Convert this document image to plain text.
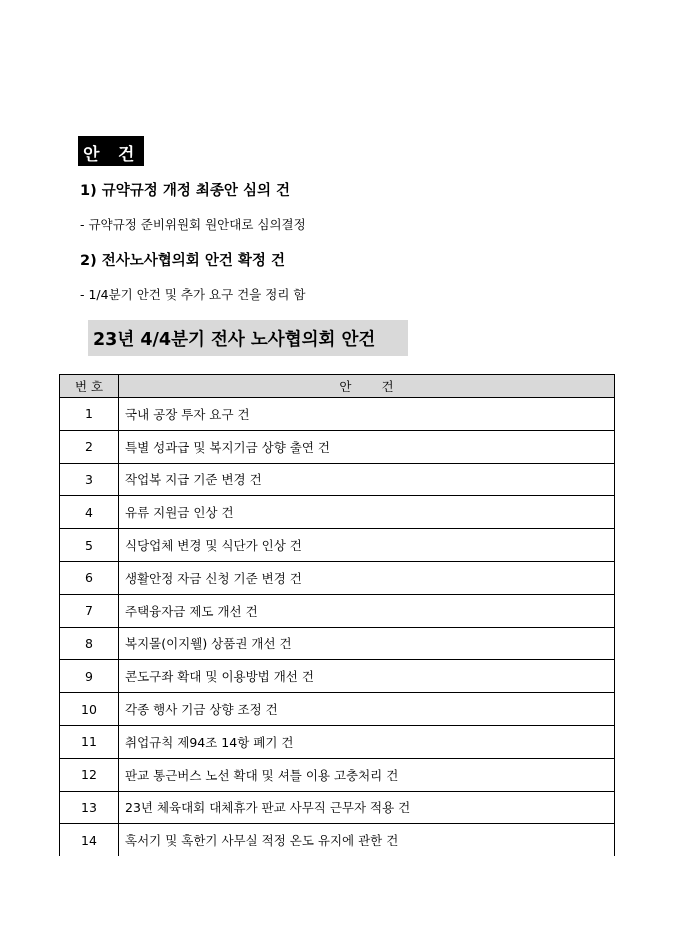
안 건
1) 규약규정 개정 최종안 심의 건
- 규약규정 준비위원회 원안대로 심의결정
2) 전사노사협의회 안건 확정 건
- 1/4분기 안건 및 추가 요구 건을 정리 함
23년 4/4분기 전사 노사협의회 안건
번 호	안 건
1	국내 공장 투자 요구 건
2	특별 성과급 및 복지기금 상향 출연 건
3	작업복 지급 기준 변경 건
4	유류 지원금 인상 건
5	식당업체 변경 및 식단가 인상 건
6	생활안정 자금 신청 기준 변경 건
7	주택융자금 제도 개선 건
8	복지몰(이지웰) 상품권 개선 건
9	콘도구좌 확대 및 이용방법 개선 건
10	각종 행사 기금 상향 조정 건
11	취업규칙 제94조 14항 폐기 건
12	판교 통근버스 노선 확대 및 셔틀 이용 고충처리 건
13	23년 체육대회 대체휴가 판교 사무직 근무자 적용 건
14	혹서기 및 혹한기 사무실 적정 온도 유지에 관한 건
